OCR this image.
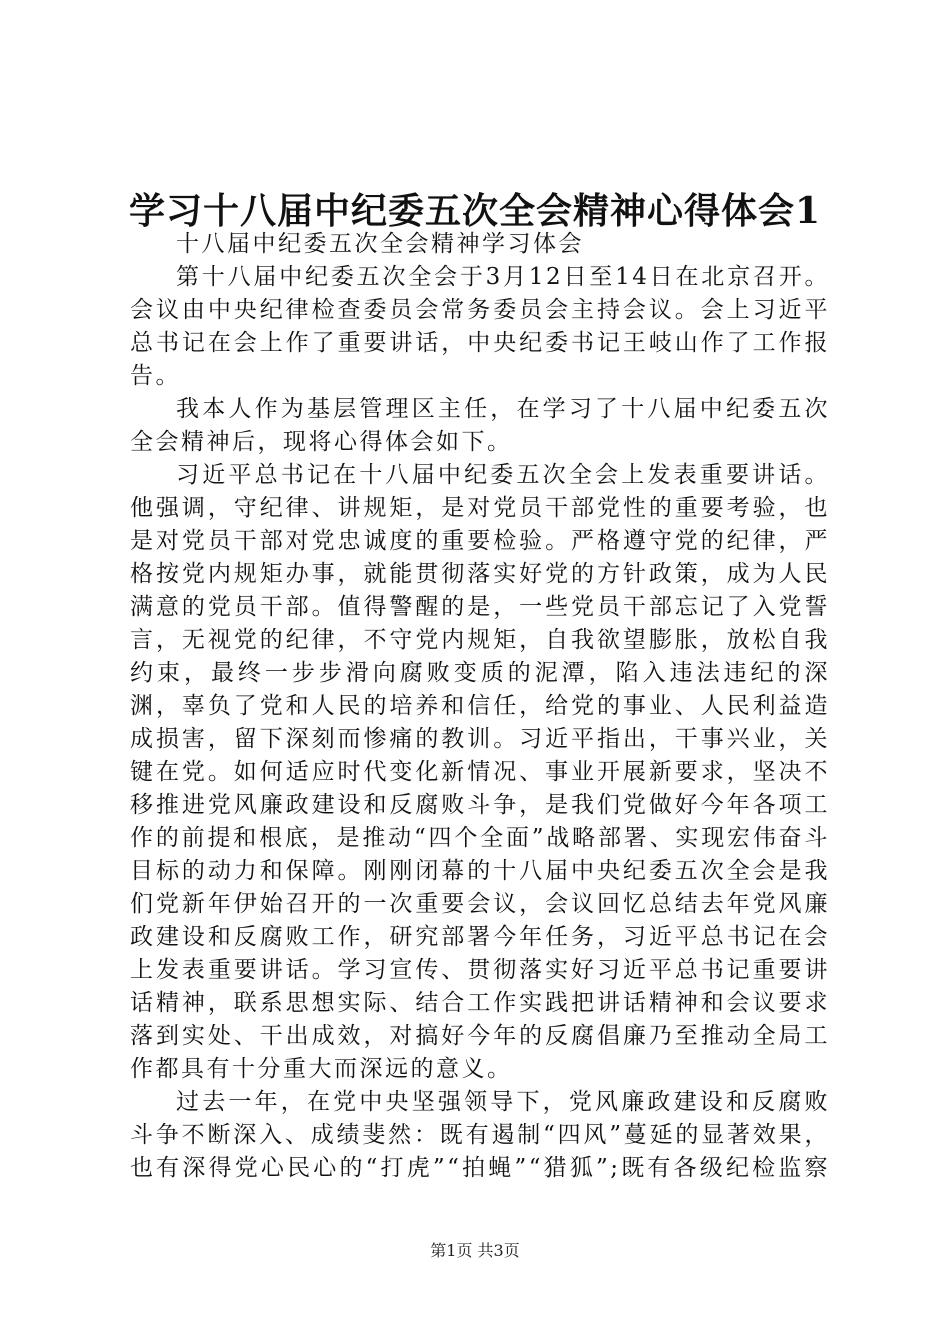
学习十八届中纪委五次全会精神心得体会1

十八届中纪委五次全会精神学习体会

第十八届中纪委五次全会于3月12日至14日在北京召开。会议由中央纪律检查委员会常务委员会主持会议。会上习近平总书记在会上作了重要讲话，中央纪委书记王岐山作了工作报告。

我本人作为基层管理区主任，在学习了十八届中纪委五次全会精神后，现将心得体会如下。

习近平总书记在十八届中纪委五次全会上发表重要讲话。他强调，守纪律、讲规矩，是对党员干部党性的重要考验，也是对党员干部对党忠诚度的重要检验。严格遵守党的纪律，严格按党内规矩办事，就能贯彻落实好党的方针政策，成为人民满意的党员干部。值得警醒的是，一些党员干部忘记了入党誓言，无视党的纪律，不守党内规矩，自我欲望膨胀，放松自我约束，最终一步步滑向腐败变质的泥潭，陷入违法违纪的深渊，辜负了党和人民的培养和信任，给党的事业、人民利益造成损害，留下深刻而惨痛的教训。习近平指出，干事兴业，关键在党。如何适应时代变化新情况、事业开展新要求，坚决不移推进党风廉政建设和反腐败斗争，是我们党做好今年各项工作的前提和根底，是推动“四个全面”战略部署、实现宏伟奋斗目标的动力和保障。刚刚闭幕的十八届中央纪委五次全会是我们党新年伊始召开的一次重要会议，会议回忆总结去年党风廉政建设和反腐败工作，研究部署今年任务，习近平总书记在会上发表重要讲话。学习宣传、贯彻落实好习近平总书记重要讲话精神，联系思想实际、结合工作实践把讲话精神和会议要求落到实处、干出成效，对搞好今年的反腐倡廉乃至推动全局工作都具有十分重大而深远的意义。

过去一年，在党中央坚强领导下，党风廉政建设和反腐败斗争不断深入、成绩斐然：既有遏制“四风”蔓延的显著效果，也有深得党心民心的“打虎”“拍蝇”“猎狐”;既有各级纪检监察

第1页 共3页
